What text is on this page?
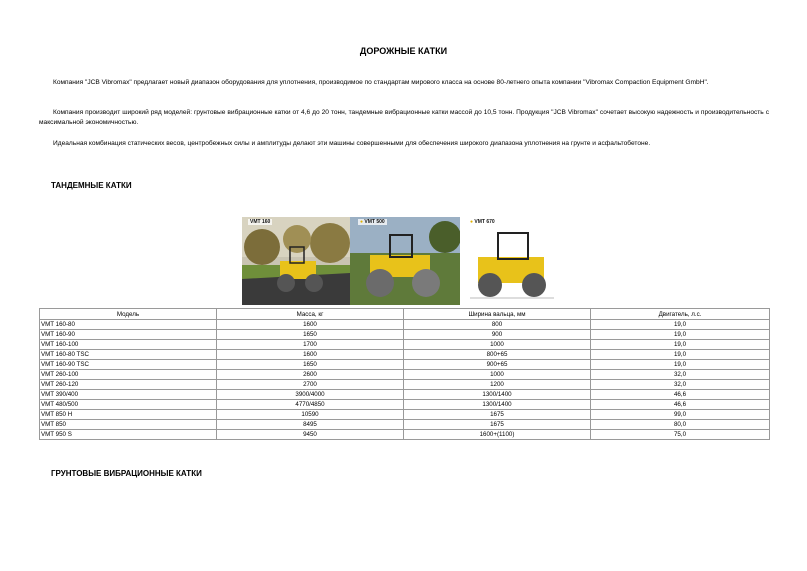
ДОРОЖНЫЕ КАТКИ
Компания "JCB Vibromax" предлагает новый диапазон оборудования для уплотнения, производимое по стандартам мирового класса на основе 80-летнего опыта компании "Vibromax Compaction Equipment GmbH".
Компания производит широкий ряд моделей: грунтовые вибрационные катки от 4,6 до 20 тонн, тандемные вибрационные катки массой до 10,5 тонн. Продукция "JCB Vibromax" сочетает высокую надежность и производительность с максимальной экономичностью.
Идеальная комбинация статических весов, центробежных силы и амплитуды делают эти машины совершенными для обеспечения широкого диапазона уплотнения на грунте и асфальтобетоне.
ТАНДЕМНЫЕ КАТКИ
VMT 160	● VMT 500	● VMT 670
Модель	Масса, кг	Ширина вальца, мм	Двигатель, л.с.
VMT 160-80	1600	800	19,0
VMT 160-90	1650	900	19,0
VMT 160-100	1700	1000	19,0
VMT 160-80 TSC	1600	800+65	19,0
VMT 160-90 TSC	1650	900+65	19,0
VMT 260-100	2600	1000	32,0
VMT 260-120	2700	1200	32,0
VMT 390/400	3900/4000	1300/1400	46,6
VMT 480/500	4770/4850	1300/1400	46,6
VMT 850 H	10590	1675	99,0
VMT 850	8495	1675	80,0
VMT 950 S	9450	1600+(1100)	75,0
ГРУНТОВЫЕ ВИБРАЦИОННЫЕ КАТКИ
